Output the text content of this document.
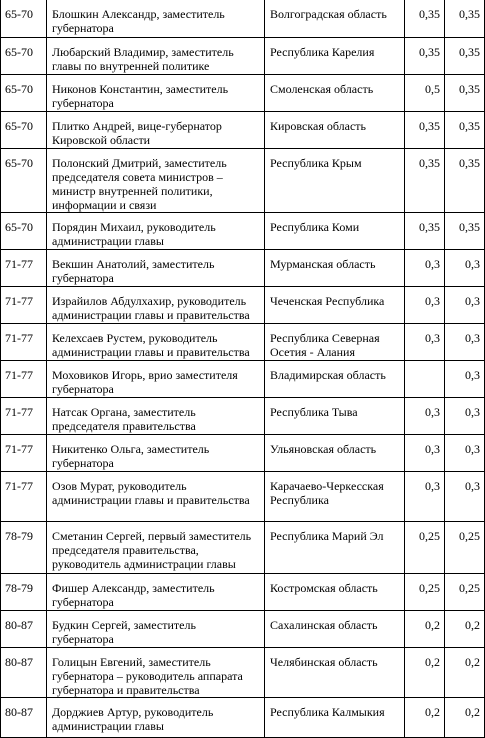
65-70	Блошкин Александр, заместитель губернатора	Волгоградская область	0,35	0,35
65-70	Любарский Владимир, заместитель главы по внутренней политике	Республика Карелия	0,35	0,35
65-70	Никонов Константин, заместитель губернатора	Смоленская область	0,5	0,35
65-70	Плитко Андрей, вице-губернатор Кировской области	Кировская область	0,35	0,35
65-70	Полонский Дмитрий, заместитель председателя совета министров – министр внутренней политики, информации и связи	Республика Крым	0,35	0,35
65-70	Порядин Михаил, руководитель администрации главы	Республика Коми	0,35	0,35
71-77	Векшин Анатолий, заместитель губернатора	Мурманская область	0,3	0,3
71-77	Израйилов Абдулхахир, руководитель администрации главы и правительства	Чеченская Республика	0,3	0,3
71-77	Келехсаев Рустем, руководитель администрации главы и правительства	Республика Северная Осетия - Алания	0,3	0,3
71-77	Моховиков Игорь, врио заместителя губернатора	Владимирская область		0,3
71-77	Натсак Органа, заместитель председателя правительства	Республика Тыва	0,3	0,3
71-77	Никитенко Ольга, заместитель губернатора	Ульяновская область	0,3	0,3
71-77	Озов Мурат, руководитель администрации главы и правительства	Карачаево-Черкесская Республика	0,3	0,3
78-79	Сметанин Сергей, первый заместитель председателя правительства, руководитель администрации главы	Республика Марий Эл	0,25	0,25
78-79	Фишер Александр, заместитель губернатора	Костромская область	0,25	0,25
80-87	Будкин Сергей, заместитель губернатора	Сахалинская область	0,2	0,2
80-87	Голицын Евгений, заместитель губернатора – руководитель аппарата губернатора и правительства	Челябинская область	0,2	0,2
80-87	Дорджиев Артур, руководитель администрации главы	Республика Калмыкия	0,2	0,2
